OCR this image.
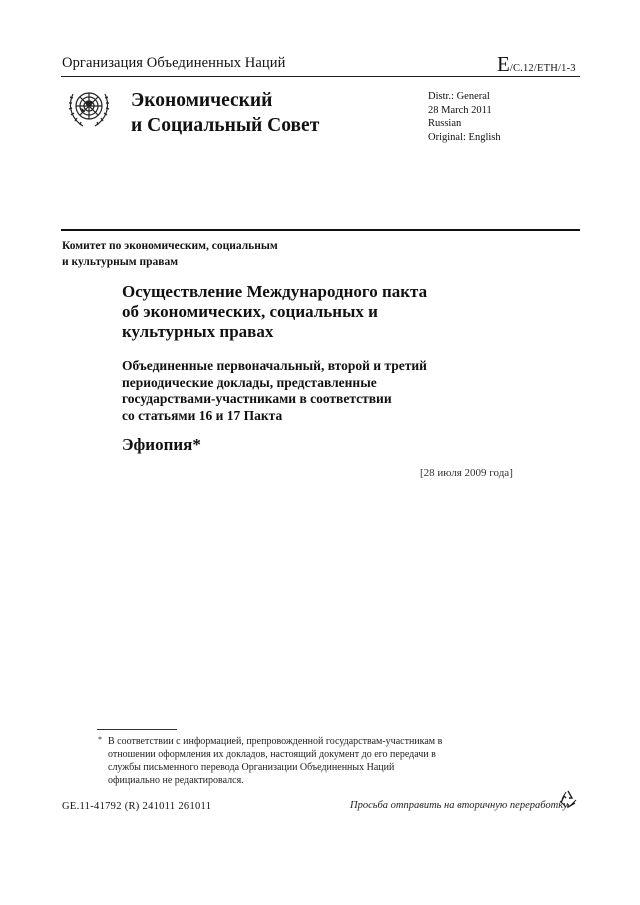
Организация Объединенных Наций	E/C.12/ETH/1-3
Экономический
и Социальный Совет
Distr.: General
28 March 2011
Russian
Original: English
Комитет по экономическим, социальным
и культурным правам
Осуществление Международного пакта
об экономических, социальных и
культурных правах
Объединенные первоначальный, второй и третий
периодические доклады, представленные
государствами-участниками в соответствии
со статьями 16 и 17 Пакта
Эфиопия*
[28 июля 2009 года]
* В соответствии с информацией, препровожденной государствам-участникам в
отношении оформления их докладов, настоящий документ до его передачи в
службы письменного перевода Организации Объединенных Наций
официально не редактировался.
GE.11-41792 (R) 241011 261011	Просьба отправить на вторичную переработку
